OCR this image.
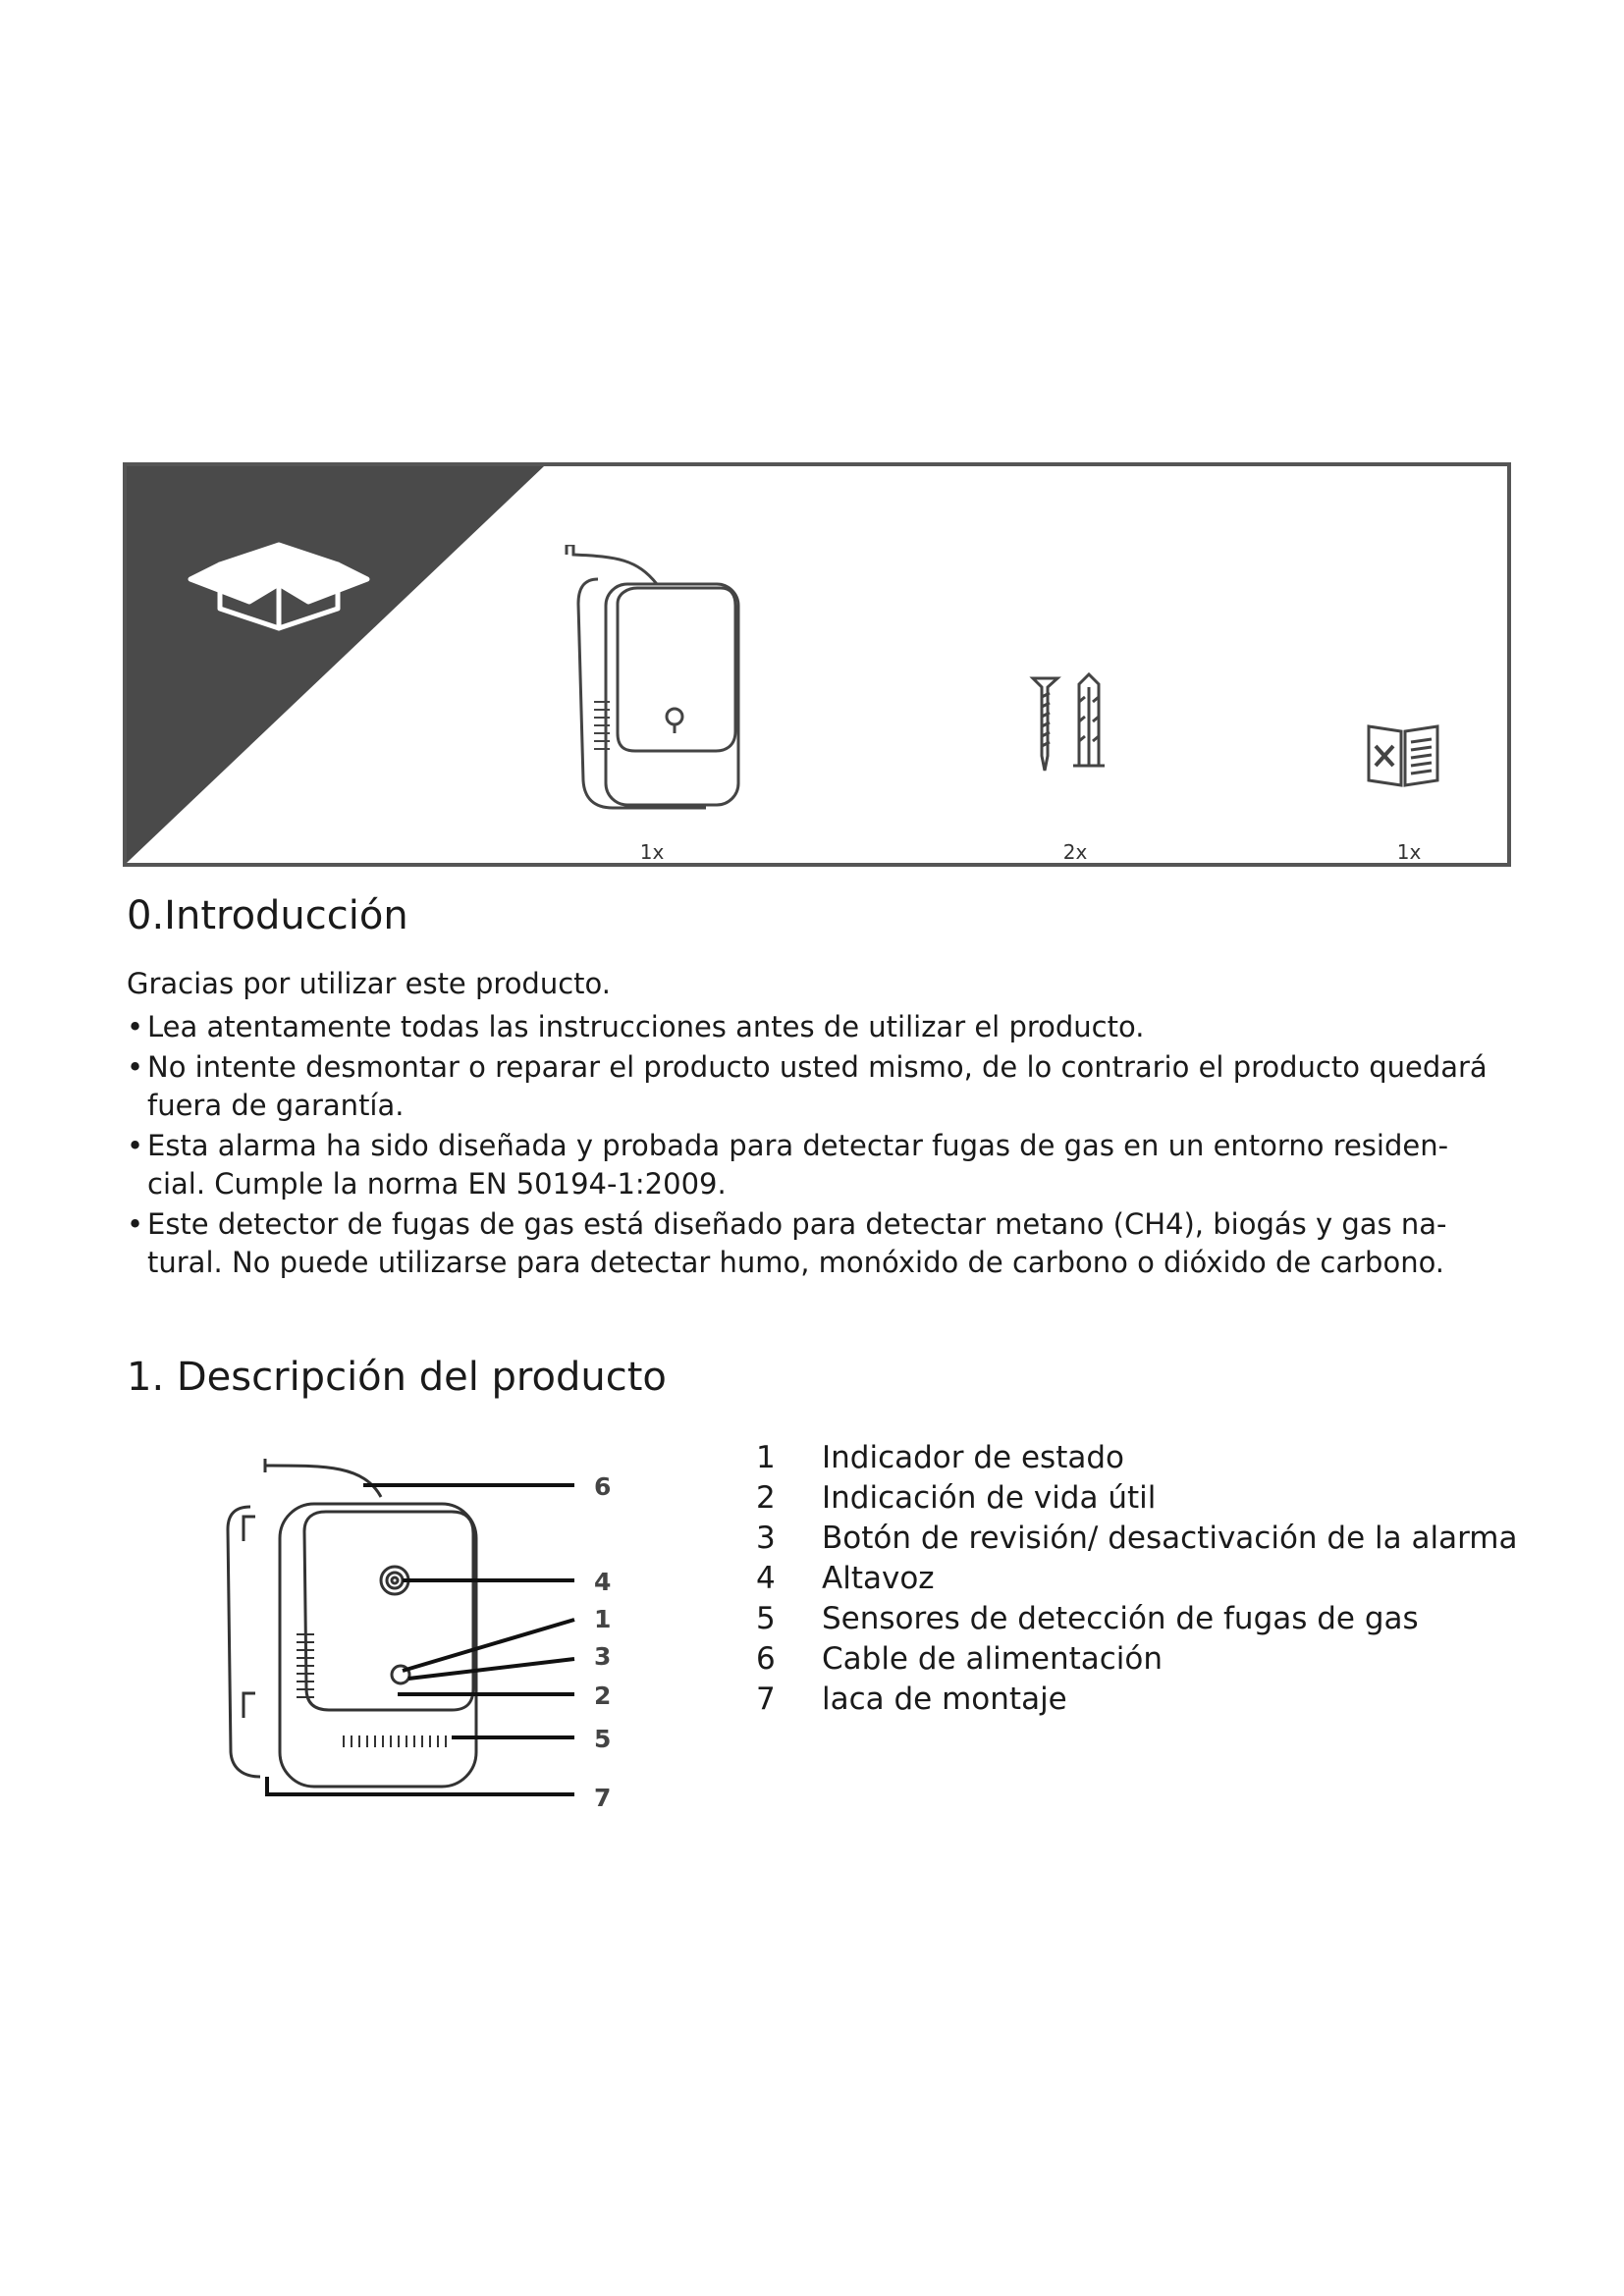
1x	2x	1x
0.Introducción

Gracias por utilizar este producto.

• Lea atentamente todas las instrucciones antes de utilizar el producto.
• No intente desmontar o reparar el producto usted mismo, de lo contrario el producto quedará fuera de garantía.
• Esta alarma ha sido diseñada y probada para detectar fugas de gas en un entorno residen- cial. Cumple la norma EN 50194-1:2009.
• Este detector de fugas de gas está diseñado para detectar metano (CH4), biogás y gas na- tural. No puede utilizarse para detectar humo, monóxido de carbono o dióxido de carbono.
1. Descripción del producto
6
4
1
3
2
5
7
1	Indicador de estado
2	Indicación de vida útil
3	Botón de revisión/ desactivación de la alarma
4	Altavoz
5	Sensores de detección de fugas de gas
6	Cable de alimentación
7	laca de montaje
